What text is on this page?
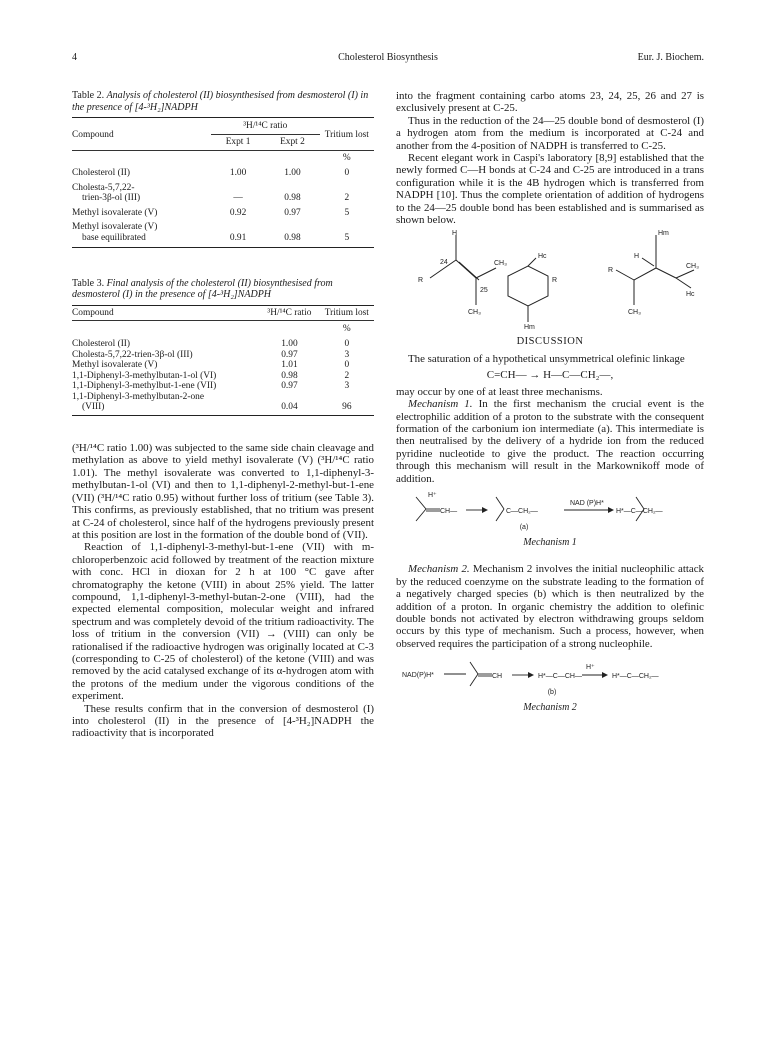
4	Cholesterol Biosynthesis	Eur. J. Biochem.
Table 2. Analysis of cholesterol (II) biosynthesised from desmosterol (I) in the presence of [4-³H₂]NADPH
Compound	³H/¹⁴C ratio		Tritium lost
	Expt 1	Expt 2	
			%
Cholesterol (II)	1.00	1.00	0
Cholesta-5,7,22-			
trien-3β-ol (III)	—	0.98	2
Methyl isovalerate (V)	0.92	0.97	5
Methyl isovalerate (V)			
base equilibrated	0.91	0.98	5
Table 3. Final analysis of the cholesterol (II) biosynthesised from desmosterol (I) in the presence of [4-³H₂]NADPH
Compound	³H/¹⁴C ratio	Tritium lost
		%
Cholesterol (II)	1.00	0
Cholesta-5,7,22-trien-3β-ol (III)	0.97	3
Methyl isovalerate (V)	1.01	0
1,1-Diphenyl-3-methylbutan-1-ol (VI)	0.98	2
1,1-Diphenyl-3-methylbut-1-ene (VII)	0.97	3
1,1-Diphenyl-3-methylbutan-2-one		
(VIII)	0.04	96

(³H/¹⁴C ratio 1.00) was subjected to the same side chain cleavage and methylation as above to yield methyl isovalerate (V) (³H/¹⁴C ratio 1.01). The methyl isovalerate was converted to 1,1-diphenyl-3-methylbutan-1-ol (VI) and then to 1,1-diphenyl-2-methyl-but-1-ene (VII) (³H/¹⁴C ratio 0.95) without further loss of tritium (see Table 3). This confirms, as previously established, that no tritium was present at C-24 of cholesterol, since half of the hydrogens previously present at this position are lost in the formation of the double bond of (VII).

Reaction of 1,1-diphenyl-3-methyl-but-1-ene (VII) with m-chloroperbenzoic acid followed by treatment of the reaction mixture with conc. HCl in dioxan for 2 h at 100 °C gave after chromatography the ketone (VIII) in about 25% yield. The latter compound, 1,1-diphenyl-3-methyl-butan-2-one (VIII), had the expected elemental composition, molecular weight and infrared spectrum and was completely devoid of the tritium radioactivity. The loss of tritium in the conversion (VII) → (VIII) can only be rationalised if the radioactive hydrogen was originally located at C-3 (corresponding to C-25 of cholesterol) of the ketone (VIII) and was removed by the acid catalysed exchange of its α-hydrogen atom with the protons of the medium under the vigorous conditions of the experiment.

These results confirm that in the conversion of desmosterol (I) into cholesterol (II) in the presence of [4-³H₂]NADPH the radioactivity that is incorporated

into the fragment containing carbo atoms 23, 24, 25, 26 and 27 is exclusively present at C-25.

Thus in the reduction of the 24—25 double bond of desmosterol (I) a hydrogen atom from the medium is incorporated at C-24 and another from the 4-position of NADPH is transferred to C-25.

Recent elegant work in Caspi's laboratory [8,9] established that the newly formed C—H bonds at C-24 and C-25 are introduced in a trans configuration while it is the 4B hydrogen which is transferred from NADPH [10]. Thus the complete orientation of addition of hydrogens to the 24—25 double bond has been established and is summarised as shown below.

H
24
R
25
CH₃
CH₃
Hm
Hc
R
Hm
H
R
CH₃
CH₃
Hc
DISCUSSION

The saturation of a hypothetical unsymmetrical olefinic linkage

C=CH— → H—C—CH₂—,

may occur by one of at least three mechanisms.

Mechanism 1. In the first mechanism the crucial event is the electrophilic addition of a proton to the substrate with the consequent formation of the carbonium ion intermediate (a). This intermediate is then neutralised by the delivery of a hydride ion from the reduced pyridine nucleotide to give the product. The reaction occurring through this mechanism will result in the Markownikoff mode of addition.

H⁺
CH—	C—CH₂—	H*—C—CH₂—
NAD (P)H*
(a)
Mechanism 1

Mechanism 2. Mechanism 2 involves the initial nucleophilic attack by the reduced coenzyme on the substrate leading to the formation of a negatively charged species (b) which is then neutralized by the addition of a proton. In organic chemistry the addition to olefinic double bonds not activated by electron withdrawing groups seldom occurs by this type of mechanism. Such a process, however, when observed requires the participation of a strong nucleophile.

CH	H*—C—CH—	H*—C—CH₂—
NAD(P)H*
H⁺
(b)
Mechanism 2
